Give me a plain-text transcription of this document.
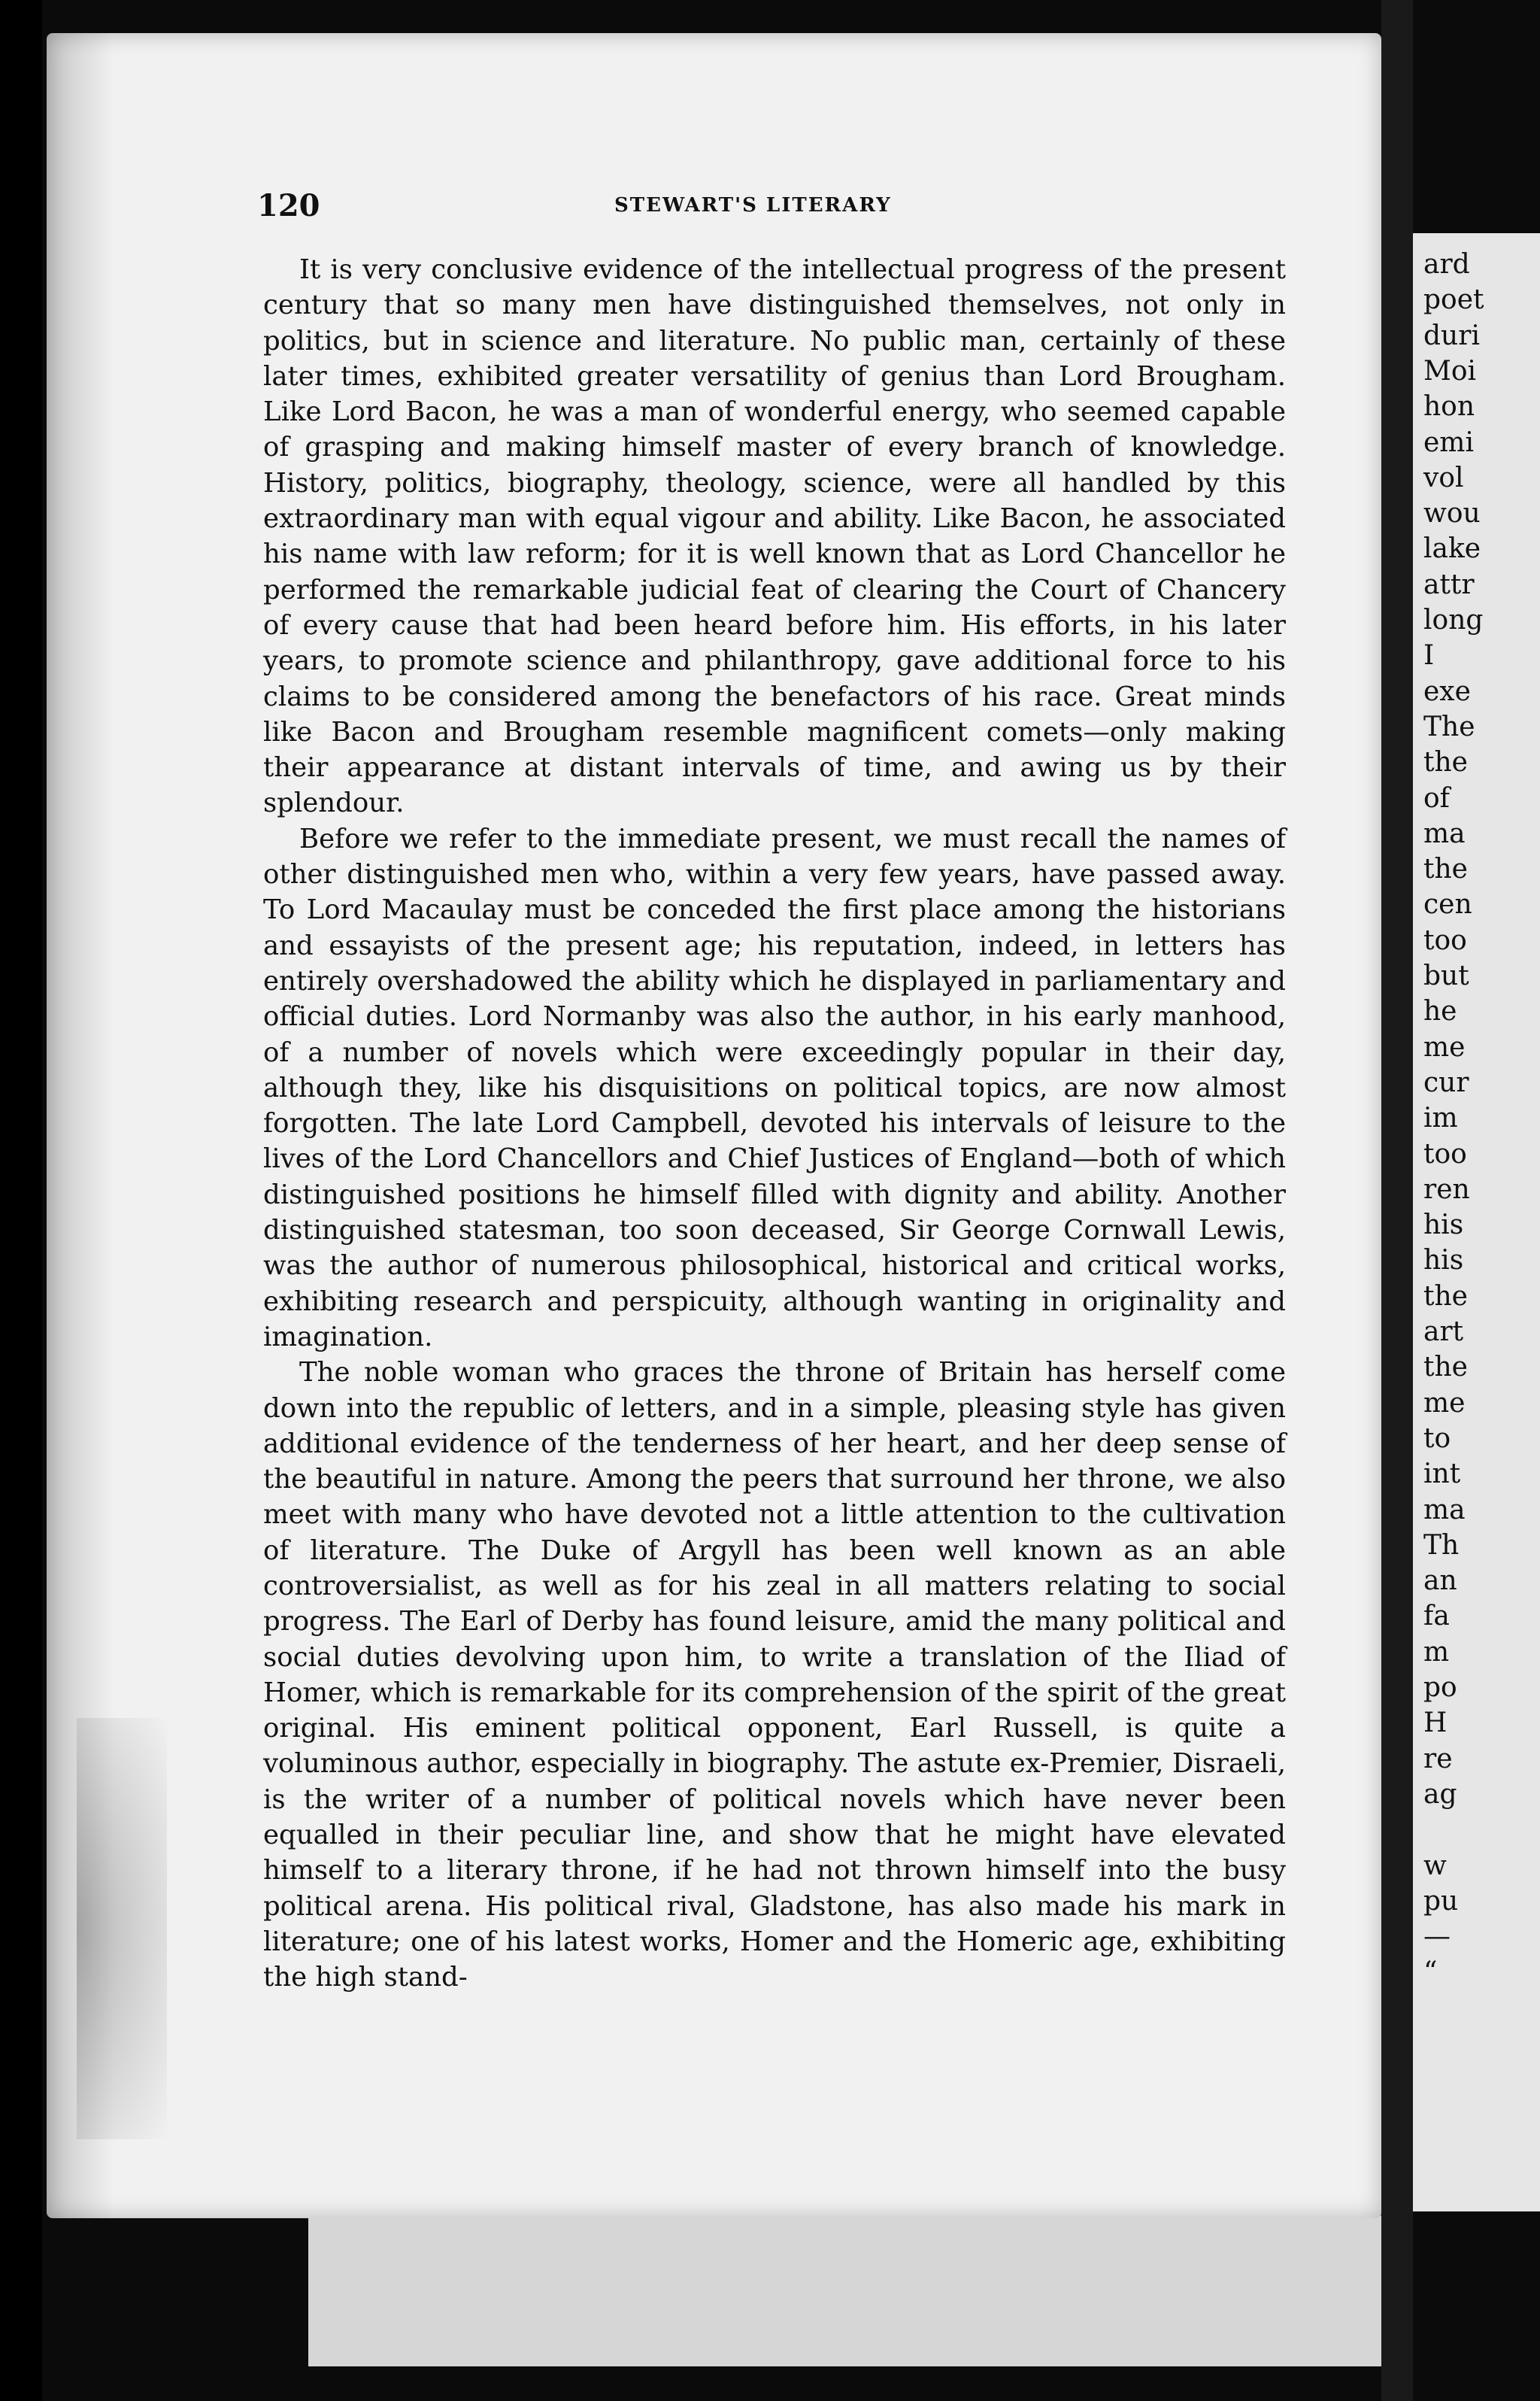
120	STEWART'S LITERARY

It is very conclusive evidence of the intellectual progress of the present century that so many men have distinguished themselves, not only in politics, but in science and literature. No public man, certainly of these later times, exhibited greater versatility of genius than Lord Brougham. Like Lord Bacon, he was a man of wonderful energy, who seemed capable of grasping and making himself master of every branch of knowledge. History, politics, biography, theology, science, were all handled by this extraordinary man with equal vigour and ability. Like Bacon, he associated his name with law reform; for it is well known that as Lord Chancellor he performed the remarkable judicial feat of clearing the Court of Chancery of every cause that had been heard before him. His efforts, in his later years, to promote science and philanthropy, gave additional force to his claims to be considered among the benefactors of his race. Great minds like Bacon and Brougham resemble magnificent comets—only making their appearance at distant intervals of time, and awing us by their splendour.

Before we refer to the immediate present, we must recall the names of other distinguished men who, within a very few years, have passed away. To Lord Macaulay must be conceded the first place among the historians and essayists of the present age; his reputation, indeed, in letters has entirely overshadowed the ability which he displayed in parliamentary and official duties. Lord Normanby was also the author, in his early manhood, of a number of novels which were exceedingly popular in their day, although they, like his disquisitions on political topics, are now almost forgotten. The late Lord Campbell, devoted his intervals of leisure to the lives of the Lord Chancellors and Chief Justices of England—both of which distinguished positions he himself filled with dignity and ability. Another distinguished statesman, too soon deceased, Sir George Cornwall Lewis, was the author of numerous philosophical, historical and critical works, exhibiting research and perspicuity, although wanting in originality and imagination.

The noble woman who graces the throne of Britain has herself come down into the republic of letters, and in a simple, pleasing style has given additional evidence of the tenderness of her heart, and her deep sense of the beautiful in nature. Among the peers that surround her throne, we also meet with many who have devoted not a little attention to the cultivation of literature. The Duke of Argyll has been well known as an able controversialist, as well as for his zeal in all matters relating to social progress. The Earl of Derby has found leisure, amid the many political and social duties devolving upon him, to write a translation of the Iliad of Homer, which is remarkable for its comprehension of the spirit of the great original. His eminent political opponent, Earl Russell, is quite a voluminous author, especially in biography. The astute ex-Premier, Disraeli, is the writer of a number of political novels which have never been equalled in their peculiar line, and show that he might have elevated himself to a literary throne, if he had not thrown himself into the busy political arena. His political rival, Gladstone, has also made his mark in literature; one of his latest works, Homer and the Homeric age, exhibiting the high stand-

ard
poet
duri
Moi
hon
emi
vol
wou
lake
attr
long
I
exe
The
the
of
ma
the
cen
too
but
he
me
cur
im
too
ren
his
his
the
art
the
me
to
int
ma
Th
an
fa
m
po
H
re
ag
w
pu
—
“
